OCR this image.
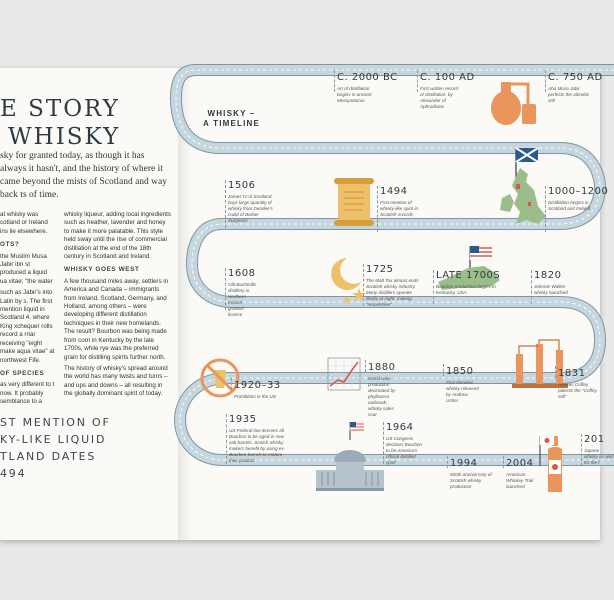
E STORY
WHISKY

sky for granted today, as though it has always it hasn't, and the history of where it came beyond the mists of Scotland and way back ts of time.

at whisky was cotland or Ireland ins lie elsewhere.

OTS?

the Muslim Musa Jabir ibn st produced a liquid ua vitae; "the water

such as Jabir's into Latin by s. The first mention liquid in Scotland 4, where King xchequer rolls record a rriar receiving "eight make aqua vitae" at northwest Fife.

OF SPECIES

as very different to t now. It probably semblance to a

whisky liqueur, adding local ingredients such as heather, lavender and honey to make it more palatable. This style held sway until the rise of commercial distillation at the end of the 18th century in Scotland and Ireland.

WHISKY GOES WEST

A few thousand miles away, settlers in America and Canada – immigrants from Ireland, Scotland, Germany, and Holland, among others – were developing different distillation techniques in their new homelands. The result? Bourbon was being made from corn in Kentucky by the late 1700s, while rye was the preferred grain for distilling spirits further north.

The history of whisky's spread around the world has many twists and turns – and ups and downs – all resulting in the globally dominant spirit of today.

ST MENTION OF
KY-LIKE LIQUID
TLAND DATES
494
WHISKY –
A TIMELINE
C. 2000 BC
Art of distillation begins in ancient Mesopotamia
C. 100 AD
First written record of distillation, by Alexander of Aphrodisias
C. 750 AD
Abu Musa Jabir perfects the alembic still
1506
James IV of Scotland buys large quantity of whisky from Dundee's Guild of Barber Surgeons
1494
First mention of whisky-like spirit in Scottish records
1000–1200
Distillation begins in Scotland and Ireland
1608
Old Bushmills distillery in Northern Ireland granted licence
1725
The Malt Tax almost ends Scottish whisky industry. Many distillers operate illicitly at night, making "moonshine"
LATE 1700S
Bourbon production begins in Kentucky, USA
1820
Johnnie Walker whisky launched
1920–33
Prohibition in the US
1880
World wine production decimated by phylloxera outbreak; whisky sales soar
1850
First blended whisky released by Andrew Usher
1831
Aeneas Coffey patents the "Coffey still"
1935
US Federal law decrees all Bourbon to be aged in new oak barrels. Scotch whisky makers benefit by using ex-Bourbon barrels to mature their product
1964
US Congress declares Bourbon to be America's official distilled spirit	1994
500th anniversary of Scottish whisky production
2004
American Whiskey Trail launched
201
Japane whisky as worl for the f
